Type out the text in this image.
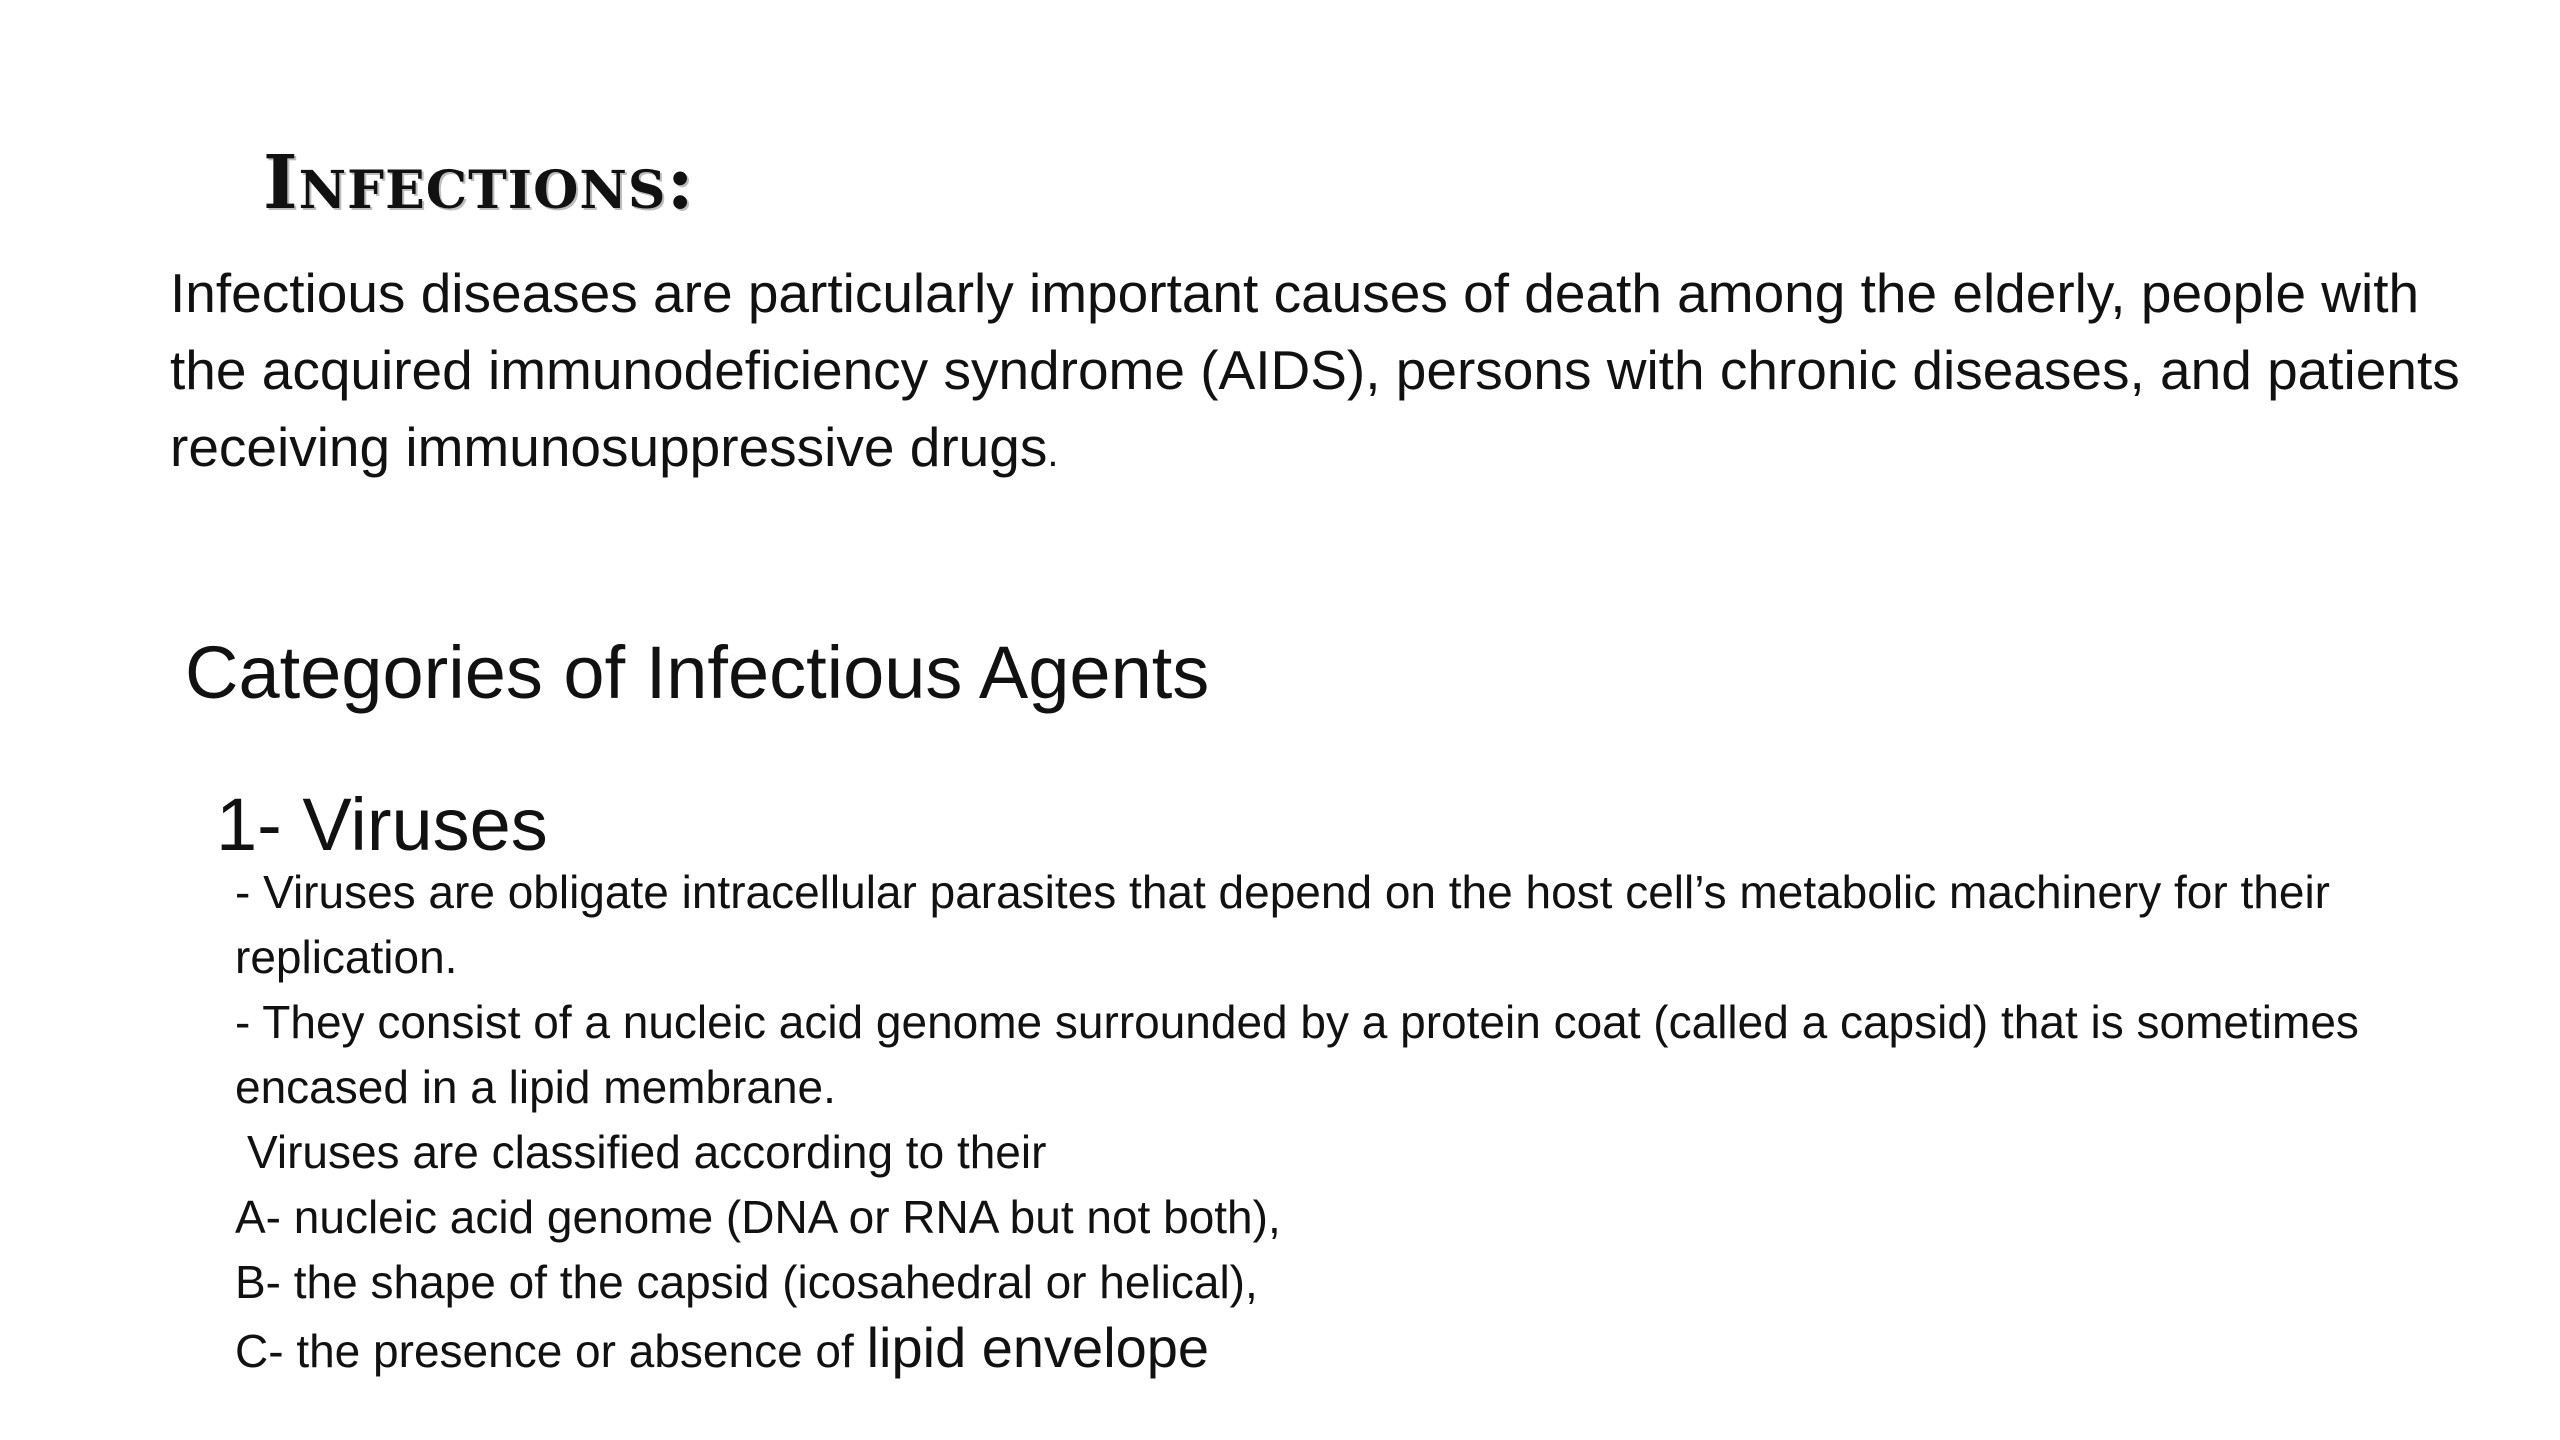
Infections:
Infectious diseases are particularly important causes of death among the elderly, people with the acquired immunodeficiency syndrome (AIDS), persons with chronic diseases, and patients receiving immunosuppressive drugs.
Categories of Infectious Agents
1- Viruses

- Viruses are obligate intracellular parasites that depend on the host cell’s metabolic machinery for their replication.

- They consist of a nucleic acid genome surrounded by a protein coat (called a capsid) that is sometimes encased in a lipid membrane.

Viruses are classified according to their

A- nucleic acid genome (DNA or RNA but not both),

B- the shape of the capsid (icosahedral or helical),

C- the presence or absence of lipid envelope
